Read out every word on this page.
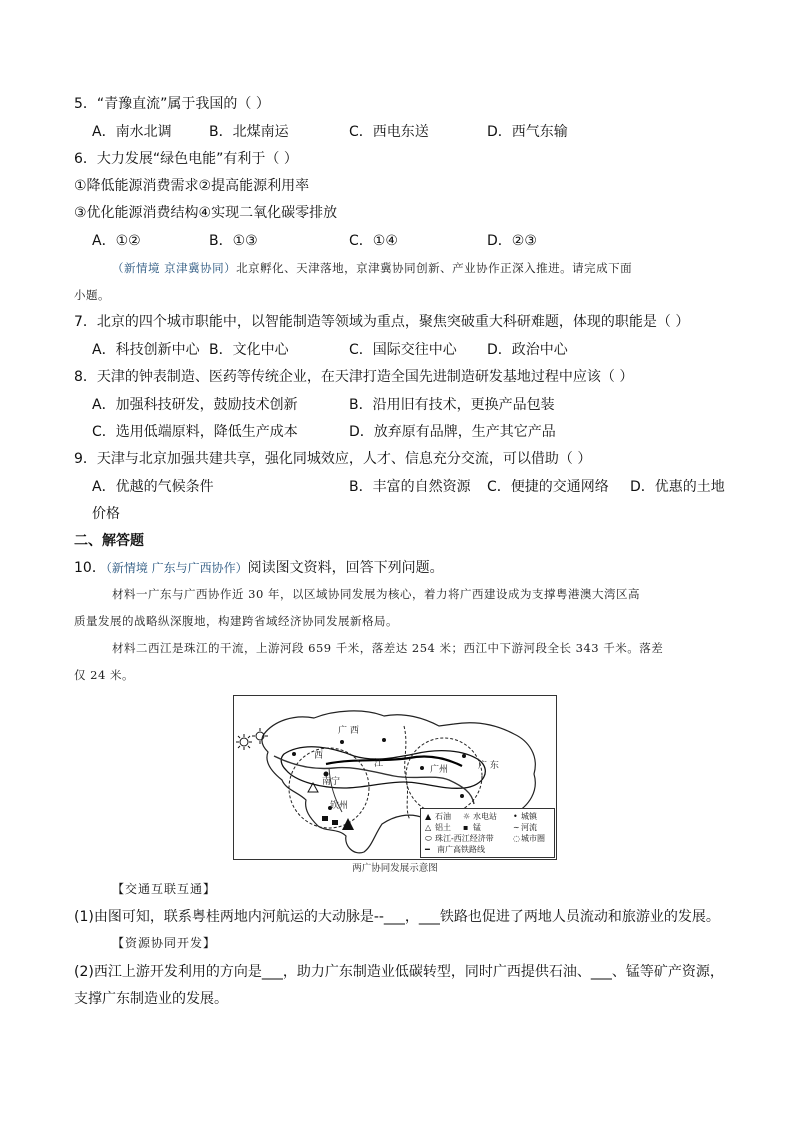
5．“青豫直流”属于我国的（ ）
A．南水北调	B．北煤南运	C．西电东送	D．西气东输
6．大力发展“绿色电能”有利于（ ）
①降低能源消费需求②提高能源利用率
③优化能源消费结构④实现二氧化碳零排放
A．①②	B．①③	C．①④	D．②③
（新情境 京津冀协同）北京孵化、天津落地，京津冀协同创新、产业协作正深入推进。请完成下面
小题。
7．北京的四个城市职能中，以智能制造等领域为重点，聚焦突破重大科研难题，体现的职能是（ ）
A．科技创新中心 B．文化中心	C．国际交往中心 D．政治中心
8．天津的钟表制造、医药等传统企业，在天津打造全国先进制造研发基地过程中应该（ ）
A．加强科技研发，鼓励技术创新	B．沿用旧有技术，更换产品包装
C．选用低端原料，降低生产成本	D．放弃原有品牌，生产其它产品
9．天津与北京加强共建共享，强化同城效应，人才、信息充分交流，可以借助（ ）
A．优越的气候条件	B．丰富的自然资源 C．便捷的交通网络 D．优惠的土地
价格
二、解答题
10．（新情境 广东与广西协作）阅读图文资料，回答下列问题。
材料一广东与广西协作近 30 年，以区域协同发展为核心，着力将广西建设成为支撑粤港澳大湾区高
质量发展的战略纵深腹地，构建跨省域经济协同发展新格局。
材料二西江是珠江的干流，上游河段 659 千米，落差达 254 米；西江中下游河段全长 343 千米。落差
仅 24 米。
广 西
广 东
西
江
南宁
广州
钦州
▲ 石油 ☼ 水电站 • 城镇
△ 铝土 ▪ 锰	∼ 河流
⬭ 珠江-西江经济带 ◌ 城市圈
━ 南广高铁路线
两广协同发展示意图
【交通互联互通】
(1)由图可知，联系粤桂两地内河航运的大动脉是--___，___铁路也促进了两地人员流动和旅游业的发展。
【资源协同开发】
(2)西江上游开发利用的方向是___，助力广东制造业低碳转型，同时广西提供石油、___、锰等矿产资源，
支撑广东制造业的发展。
